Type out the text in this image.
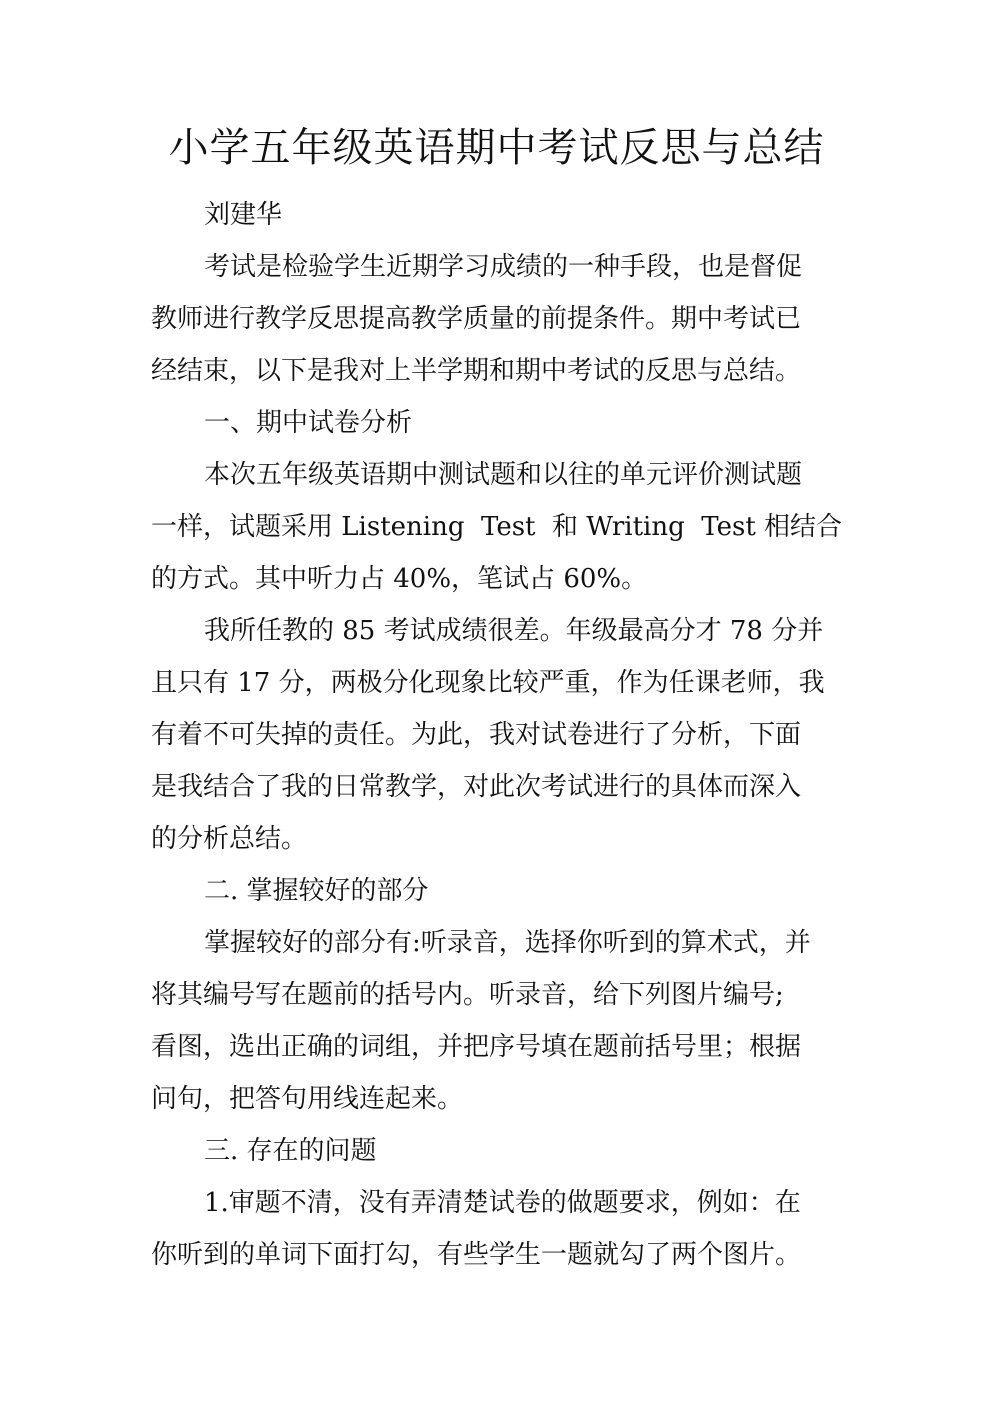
小学五年级英语期中考试反思与总结
刘建华
考试是检验学生近期学习成绩的一种手段，也是督促
教师进行教学反思提高教学质量的前提条件。期中考试已
经结束，以下是我对上半学期和期中考试的反思与总结。
一、期中试卷分析
本次五年级英语期中测试题和以往的单元评价测试题
一样，试题采用 Listening  Test  和 Writing  Test 相结合
的方式。其中听力占 40%，笔试占 60%。
我所任教的 85 考试成绩很差。年级最高分才 78 分并
且只有 17 分，两极分化现象比较严重，作为任课老师，我
有着不可失掉的责任。为此，我对试卷进行了分析，下面
是我结合了我的日常教学，对此次考试进行的具体而深入
的分析总结。
二. 掌握较好的部分
掌握较好的部分有:听录音，选择你听到的算术式，并
将其编号写在题前的括号内。听录音，给下列图片编号;
看图，选出正确的词组，并把序号填在题前括号里；根据
问句，把答句用线连起来。
三. 存在的问题
1.审题不清，没有弄清楚试卷的做题要求，例如：在
你听到的单词下面打勾，有些学生一题就勾了两个图片。
